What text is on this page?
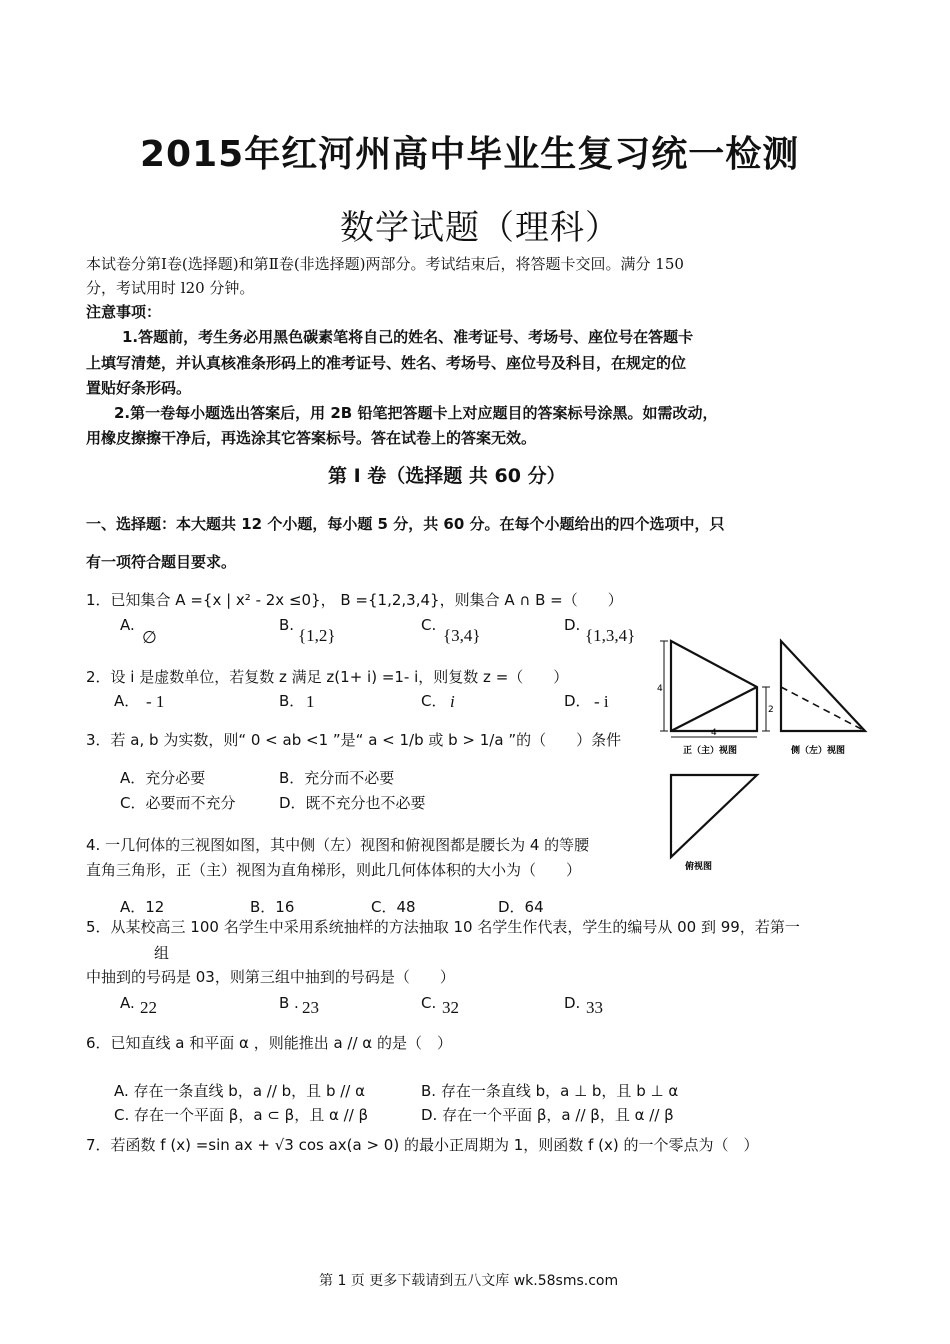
2015年红河州高中毕业生复习统一检测
数学试题（理科）
本试卷分第Ⅰ卷(选择题)和第Ⅱ卷(非选择题)两部分。考试结束后，将答题卡交回。满分 150
分，考试用时 l20 分钟。
注意事项：
1.答题前，考生务必用黑色碳素笔将自己的姓名、准考证号、考场号、座位号在答题卡
上填写清楚，并认真核准条形码上的准考证号、姓名、考场号、座位号及科目，在规定的位
置贴好条形码。
2.第一卷每小题选出答案后，用 2B 铅笔把答题卡上对应题目的答案标号涂黑。如需改动，
用橡皮擦擦干净后，再选涂其它答案标号。答在试卷上的答案无效。
第 I 卷（选择题 共 60 分）
一、选择题：本大题共 12 个小题，每小题 5 分，共 60 分。在每个小题给出的四个选项中，只
有一项符合题目要求。
1．已知集合 A ={x | x² - 2x ≤0}， B ={1,2,3,4}，则集合 A ∩ B =（　　）
A.
∅
B.
{1,2}
C.
{3,4}
D.
{1,3,4}
2．设 i 是虚数单位，若复数 z 满足 z(1+ i) =1- i，则复数 z =（　　）
A． - 1	B． 1	C． i	D． - i
3．若 a, b 为实数，则“ 0 < ab <1 ”是“ a < 1/b 或 b > 1/a ”的（　　）条件
A．充分必要	B．充分而不必要
C．必要而不充分	D．既不充分也不必要
4. 一几何体的三视图如图，其中侧（左）视图和俯视图都是腰长为 4 的等腰
直角三角形，正（主）视图为直角梯形，则此几何体体积的大小为（　　）
A．12	B．16	C．48	D．64
5．从某校高三 100 名学生中采用系统抽样的方法抽取 10 名学生作代表，学生的编号从 00 到 99，若第一
组
中抽到的号码是 03，则第三组中抽到的号码是（　　）
A. 22	B . 23	C. 32	D. 33
6．已知直线 a 和平面 α ，则能推出 a // α 的是（　）
A. 存在一条直线 b，a // b，且 b // α	B. 存在一条直线 b，a ⊥ b，且 b ⊥ α
C. 存在一个平面 β，a ⊂ β，且 α // β	D. 存在一个平面 β，a // β，且 α // β
7．若函数 f (x) =sin ax + √3 cos ax(a > 0) 的最小正周期为 1，则函数 f (x) 的一个零点为（　）
第 1 页 更多下载请到五八文库 wk.58sms.com
4
4
2
正（主）视图	侧（左）视图
俯视图
